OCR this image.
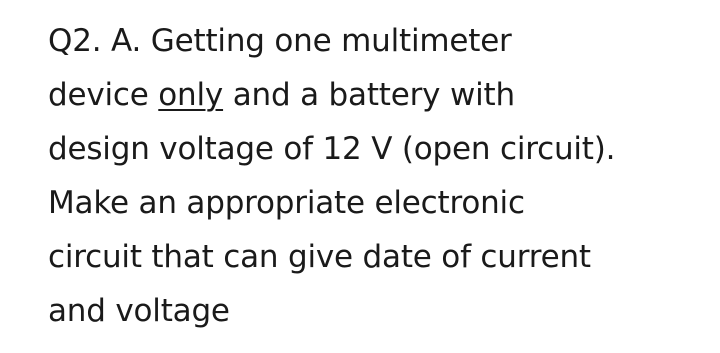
Q2. A. Getting one multimeter
device only and a battery with
design voltage of 12 V (open circuit).
Make an appropriate electronic
circuit that can give date of current
and voltage
